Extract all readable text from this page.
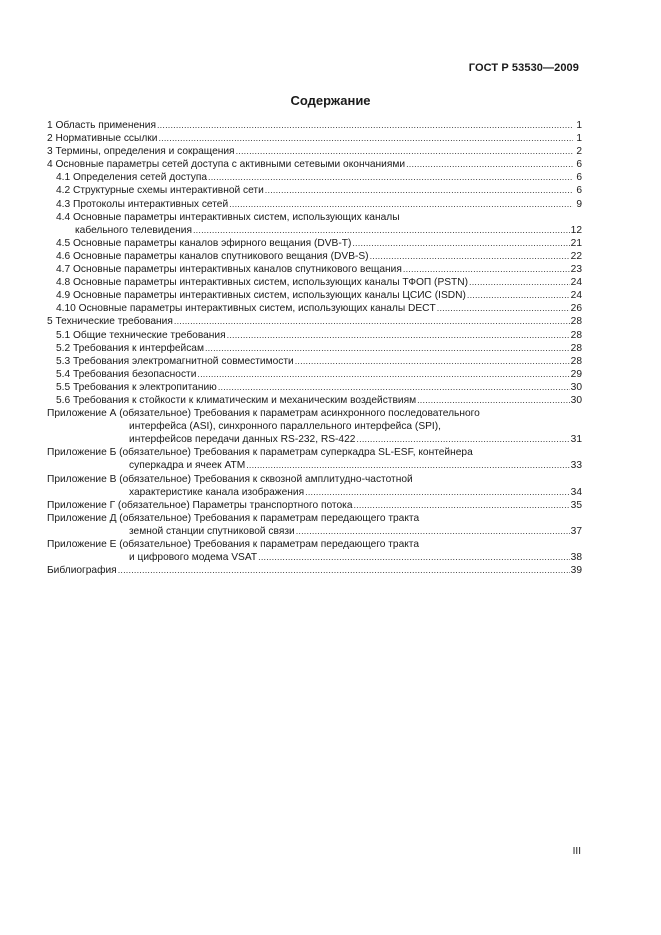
ГОСТ Р 53530—2009
Содержание
1 Область применения .....	1
2 Нормативные ссылки .....	1
3 Термины, определения и сокращения .....	2
4 Основные параметры сетей доступа с активными сетевыми окончаниями .....	6
4.1 Определения сетей доступа .....	6
4.2 Структурные схемы интерактивной сети .....	6
4.3 Протоколы интерактивных сетей .....	9
4.4 Основные параметры интерактивных систем, использующих каналы
кабельного телевидения .....	12
4.5 Основные параметры каналов эфирного вещания (DVB-T) .....	21
4.6 Основные параметры каналов спутникового вещания (DVB-S) .....	22
4.7 Основные параметры интерактивных каналов спутникового вещания .....	23
4.8 Основные параметры интерактивных систем, использующих каналы ТФОП (PSTN) .....	24
4.9 Основные параметры интерактивных систем, использующих каналы ЦСИС (ISDN) .....	24
4.10 Основные параметры интерактивных систем, использующих каналы DECT .....	26
5 Технические требования .....	28
5.1 Общие технические требования .....	28
5.2 Требования к интерфейсам .....	28
5.3 Требования электромагнитной совместимости .....	28
5.4 Требования безопасности .....	29
5.5 Требования к электропитанию .....	30
5.6 Требования к стойкости к климатическим и механическим воздействиям .....	30
Приложение А (обязательное) Требования к параметрам асинхронного последовательного
интерфейса (ASI), синхронного параллельного интерфейса (SPI),
интерфейсов передачи данных RS-232, RS-422 .....	31
Приложение Б (обязательное) Требования к параметрам суперкадра SL-ESF, контейнера
суперкадра и ячеек ATM .....	33
Приложение В (обязательное) Требования к сквозной амплитудно-частотной
характеристике канала изображения .....	34
Приложение Г (обязательное) Параметры транспортного потока .....	35
Приложение Д (обязательное) Требования к параметрам передающего тракта
земной станции спутниковой связи .....	37
Приложение Е (обязательное) Требования к параметрам передающего тракта
и цифрового модема VSAT .....	38
Библиография .....	39
III
